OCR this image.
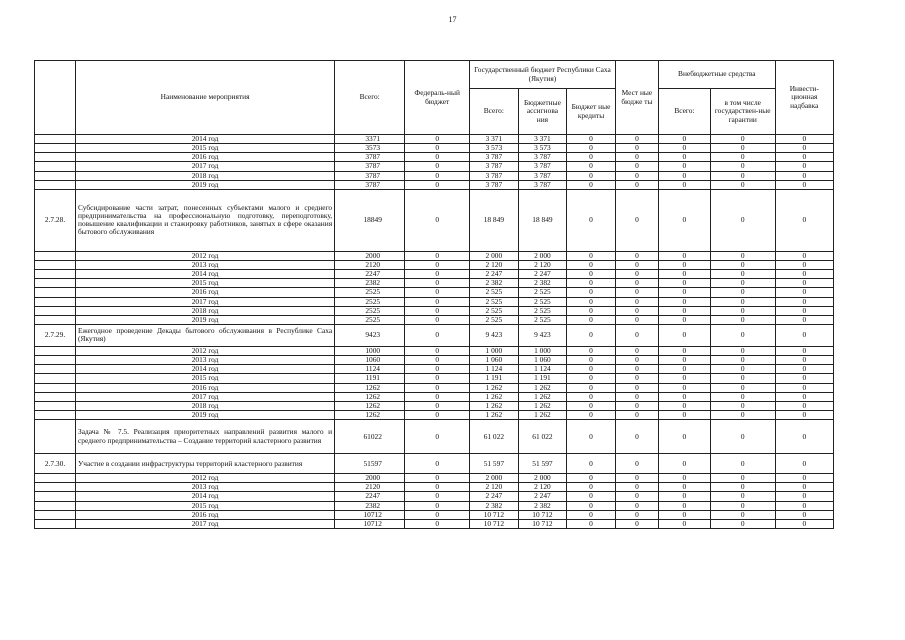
17
	Наименование мероприятия	Всего:	Федераль-ный бюджет	Государственный бюджет Республики Саха (Якутия)			Мест ные бюдже ты	Внебюджетные средства		Инвести-ционная надбавка
				Всего:	Бюджетные ассигнова ния	Бюджет ные кредиты		Всего:	в том числе государствен-ные гарантии	
	2014 год	3371	0	3 371	3 371	0	0	0	0	0
	2015 год	3573	0	3 573	3 573	0	0	0	0	0
	2016 год	3787	0	3 787	3 787	0	0	0	0	0
	2017 год	3787	0	3 787	3 787	0	0	0	0	0
	2018 год	3787	0	3 787	3 787	0	0	0	0	0
	2019 год	3787	0	3 787	3 787	0	0	0	0	0
2.7.28.	Субсидирование части затрат, понесенных субъектами малого и среднего предпринимательства на профессиональную подготовку, переподготовку, повышение квалификации и стажировку работников, занятых в сфере оказания бытового обслуживания	18849	0	18 849	18 849	0	0	0	0	0
	2012 год	2000	0	2 000	2 000	0	0	0	0	0
	2013 год	2120	0	2 120	2 120	0	0	0	0	0
	2014 год	2247	0	2 247	2 247	0	0	0	0	0
	2015 год	2382	0	2 382	2 382	0	0	0	0	0
	2016 год	2525	0	2 525	2 525	0	0	0	0	0
	2017 год	2525	0	2 525	2 525	0	0	0	0	0
	2018 год	2525	0	2 525	2 525	0	0	0	0	0
	2019 год	2525	0	2 525	2 525	0	0	0	0	0
2.7.29.	Ежегодное проведение Декады бытового обслуживания в Республике Саха (Якутия)	9423	0	9 423	9 423	0	0	0	0	0
	2012 год	1000	0	1 000	1 000	0	0	0	0	0
	2013 год	1060	0	1 060	1 060	0	0	0	0	0
	2014 год	1124	0	1 124	1 124	0	0	0	0	0
	2015 год	1191	0	1 191	1 191	0	0	0	0	0
	2016 год	1262	0	1 262	1 262	0	0	0	0	0
	2017 год	1262	0	1 262	1 262	0	0	0	0	0
	2018 год	1262	0	1 262	1 262	0	0	0	0	0
	2019 год	1262	0	1 262	1 262	0	0	0	0	0
	Задача № 7.5. Реализация приоритетных направлений развития малого и среднего предпринимательства – Создание территорий кластерного развития	61022	0	61 022	61 022	0	0	0	0	0
2.7.30.	Участие в создании инфраструктуры территорий кластерного развития	51597	0	51 597	51 597	0	0	0	0	0
	2012 год	2000	0	2 000	2 000	0	0	0	0	0
	2013 год	2120	0	2 120	2 120	0	0	0	0	0
	2014 год	2247	0	2 247	2 247	0	0	0	0	0
	2015 год	2382	0	2 382	2 382	0	0	0	0	0
	2016 год	10712	0	10 712	10 712	0	0	0	0	0
	2017 год	10712	0	10 712	10 712	0	0	0	0	0
